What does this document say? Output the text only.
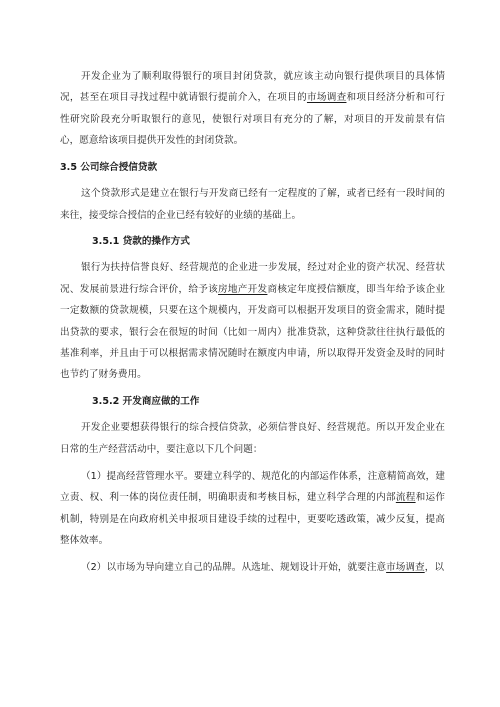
开发企业为了顺利取得银行的项目封闭贷款，就应该主动向银行提供项目的具体情况，甚至在项目寻找过程中就请银行提前介入，在项目的市场调查和项目经济分析和可行性研究阶段充分听取银行的意见，使银行对项目有充分的了解，对项目的开发前景有信心，愿意给该项目提供开发性的封闭贷款。

3.5 公司综合授信贷款

这个贷款形式是建立在银行与开发商已经有一定程度的了解，或者已经有一段时间的来往，接受综合授信的企业已经有较好的业绩的基础上。

3.5.1 贷款的操作方式

银行为扶持信誉良好、经营规范的企业进一步发展，经过对企业的资产状况、经营状况、发展前景进行综合评价，给予该房地产开发商核定年度授信额度，即当年给予该企业一定数额的贷款规模，只要在这个规模内，开发商可以根据开发项目的资金需求，随时提出贷款的要求，银行会在很短的时间（比如一周内）批准贷款，这种贷款往往执行最低的基准利率，并且由于可以根据需求情况随时在额度内申请，所以取得开发资金及时的同时也节约了财务费用。

3.5.2 开发商应做的工作

开发企业要想获得银行的综合授信贷款，必须信誉良好、经营规范。所以开发企业在日常的生产经营活动中，要注意以下几个问题：

（1）提高经营管理水平。要建立科学的、规范化的内部运作体系，注意精简高效，建立责、权、利一体的岗位责任制，明确职责和考核目标，建立科学合理的内部流程和运作机制，特别是在向政府机关申报项目建设手续的过程中，更要吃透政策，减少反复，提高整体效率。

（2）以市场为导向建立自己的品牌。从选址、规划设计开始，就要注意市场调查，以
